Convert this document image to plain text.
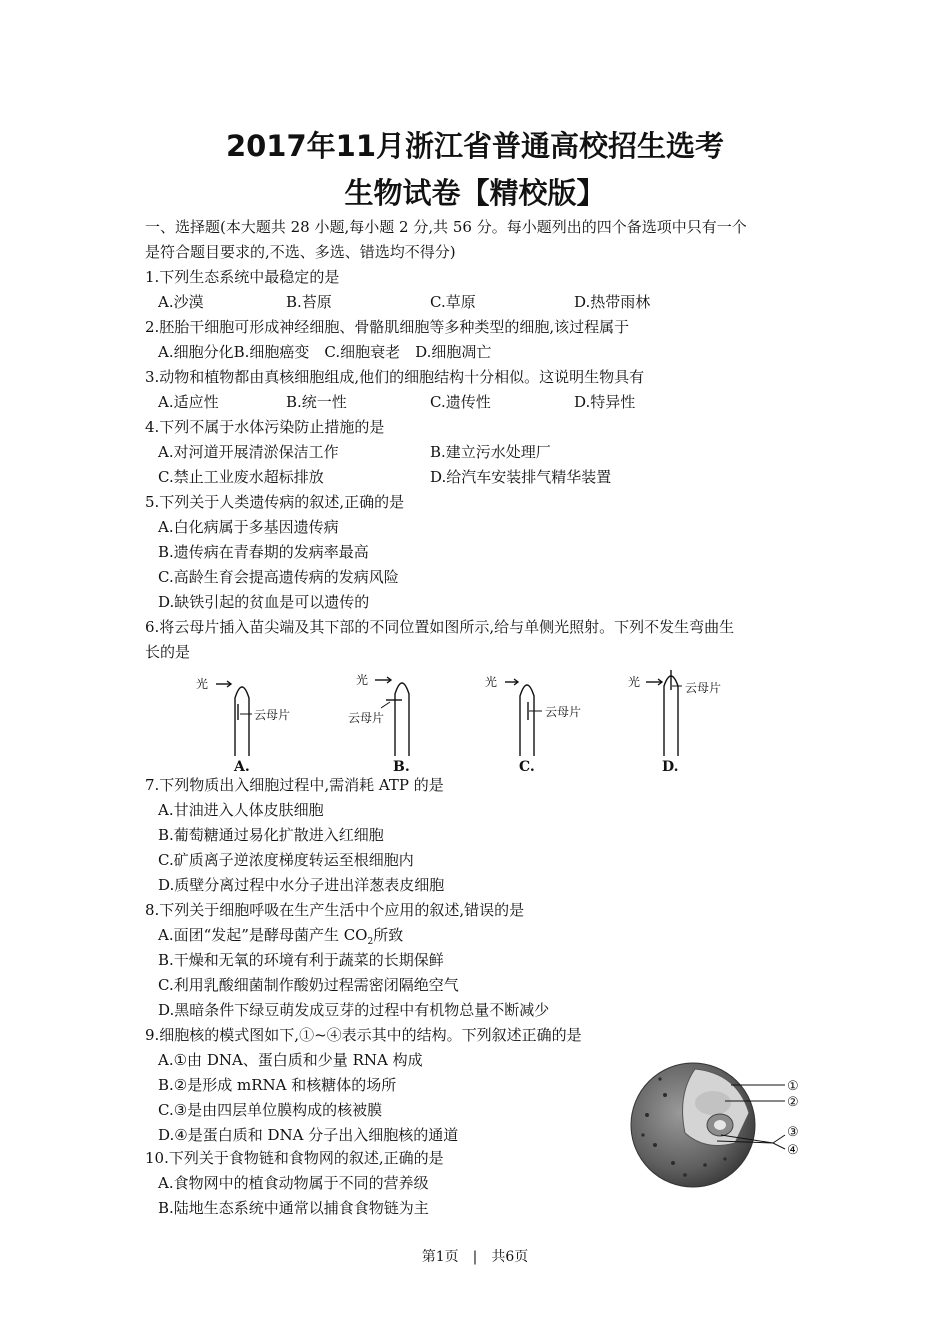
2017年11月浙江省普通高校招生选考
生物试卷【精校版】
一、选择题(本大题共 28 小题,每小题 2 分,共 56 分。每小题列出的四个备选项中只有一个
是符合题目要求的,不选、多选、错选均不得分)
1.下列生态系统中最稳定的是
A.沙漠	B.苔原	C.草原	D.热带雨林
2.胚胎干细胞可形成神经细胞、骨骼肌细胞等多种类型的细胞,该过程属于
A.细胞分化B.细胞癌变　C.细胞衰老　D.细胞凋亡
3.动物和植物都由真核细胞组成,他们的细胞结构十分相似。这说明生物具有
A.适应性	B.统一性	C.遗传性	D.特异性
4.下列不属于水体污染防止措施的是
A.对河道开展清淤保洁工作	B.建立污水处理厂
C.禁止工业废水超标排放	D.给汽车安装排气精华装置
5.下列关于人类遗传病的叙述,正确的是
A.白化病属于多基因遗传病
B.遗传病在青春期的发病率最高
C.高龄生育会提高遗传病的发病风险
D.缺铁引起的贫血是可以遗传的
6.将云母片插入苗尖端及其下部的不同位置如图所示,给与单侧光照射。下列不发生弯曲生
长的是
光
云母片
光
云母片
光
云母片
光	云母片
A.	B.	C.	D.
7.下列物质出入细胞过程中,需消耗 ATP 的是
A.甘油进入人体皮肤细胞
B.葡萄糖通过易化扩散进入红细胞
C.矿质离子逆浓度梯度转运至根细胞内
D.质壁分离过程中水分子进出洋葱表皮细胞
8.下列关于细胞呼吸在生产生活中个应用的叙述,错误的是
A.面团“发起”是酵母菌产生 $CO_2$所致
B.干燥和无氧的环境有利于蔬菜的长期保鲜
C.利用乳酸细菌制作酸奶过程需密闭隔绝空气
D.黑暗条件下绿豆萌发成豆芽的过程中有机物总量不断减少
9.细胞核的模式图如下,①~④表示其中的结构。下列叙述正确的是
A.①由 DNA、蛋白质和少量 RNA 构成
B.②是形成 mRNA 和核糖体的场所
C.③是由四层单位膜构成的核被膜
D.④是蛋白质和 DNA 分子出入细胞核的通道
①
②
③
④
10.下列关于食物链和食物网的叙述,正确的是
A.食物网中的植食动物属于不同的营养级
B.陆地生态系统中通常以捕食食物链为主
第1页　|　共6页
